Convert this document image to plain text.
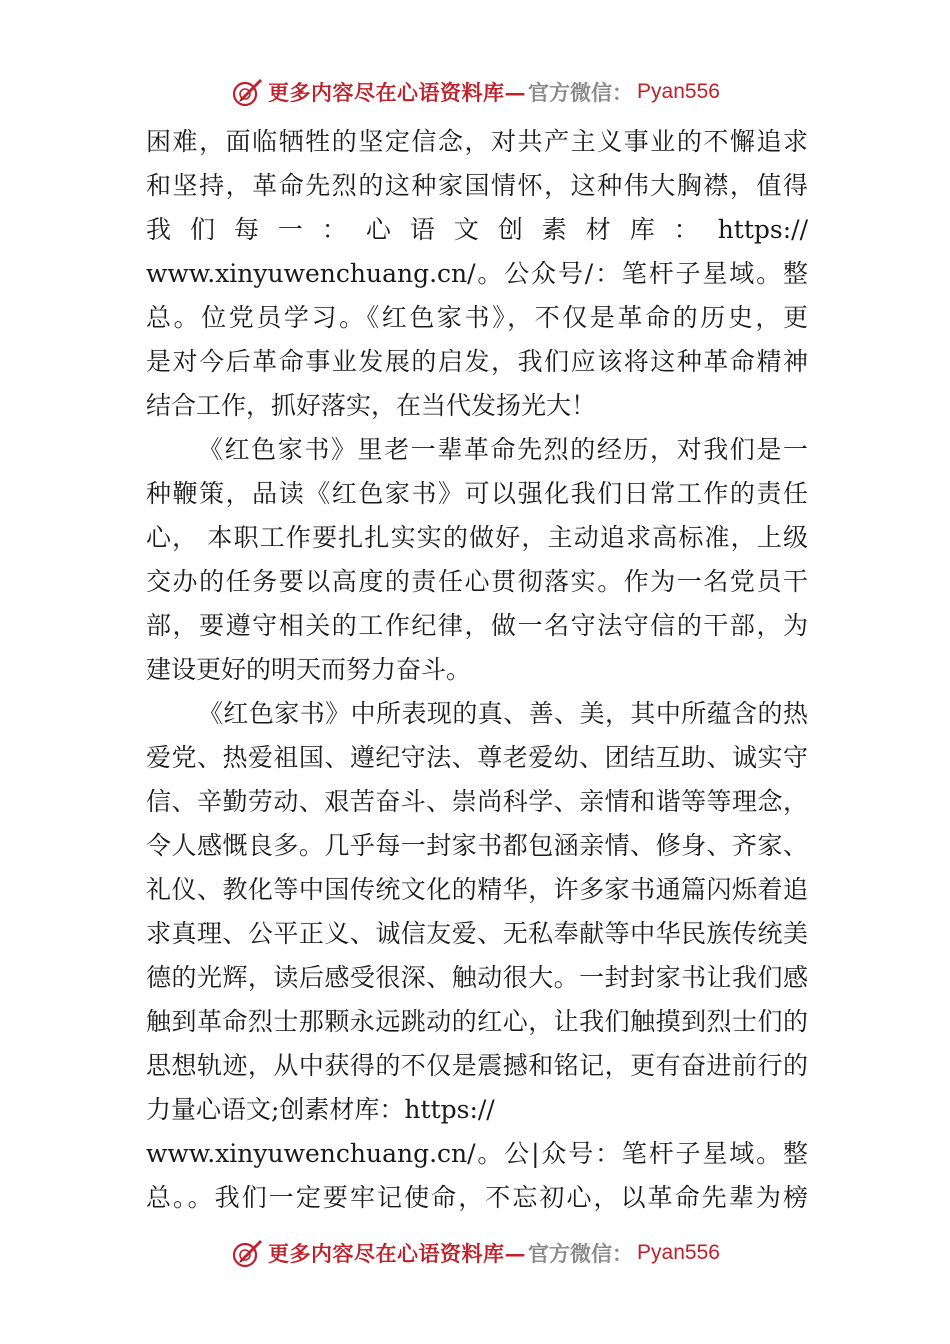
更多内容尽在心语资料库— 官方微信： Pyan556
困难，面临牺牲的坚定信念，对共产主义事业的不懈追求
和坚持，革命先烈的这种家国情怀，这种伟大胸襟，值得
我们每一：心语文创素材库：https://
www.xinyuwenchuang.cn/。公众号/：笔杆子星域。整
总。位党员学习。《红色家书》，不仅是革命的历史，更
是对今后革命事业发展的启发，我们应该将这种革命精神
结合工作，抓好落实，在当代发扬光大！
《红色家书》里老一辈革命先烈的经历，对我们是一
种鞭策，品读《红色家书》可以强化我们日常工作的责任
心， 本职工作要扎扎实实的做好，主动追求高标准，上级
交办的任务要以高度的责任心贯彻落实。作为一名党员干
部，要遵守相关的工作纪律，做一名守法守信的干部，为
建设更好的明天而努力奋斗。
《红色家书》中所表现的真、善、美，其中所蕴含的热
爱党、热爱祖国、遵纪守法、尊老爱幼、团结互助、诚实守
信、辛勤劳动、艰苦奋斗、崇尚科学、亲情和谐等等理念，
令人感慨良多。几乎每一封家书都包涵亲情、修身、齐家、
礼仪、教化等中国传统文化的精华，许多家书通篇闪烁着追
求真理、公平正义、诚信友爱、无私奉献等中华民族传统美
德的光辉，读后感受很深、触动很大。一封封家书让我们感
触到革命烈士那颗永远跳动的红心，让我们触摸到烈士们的
思想轨迹，从中获得的不仅是震撼和铭记，更有奋进前行的
力量心语文;创素材库：https://
www.xinyuwenchuang.cn/。公|众号：笔杆子星域。整
总。。我们一定要牢记使命，不忘初心，以革命先辈为榜
更多内容尽在心语资料库— 官方微信： Pyan556
